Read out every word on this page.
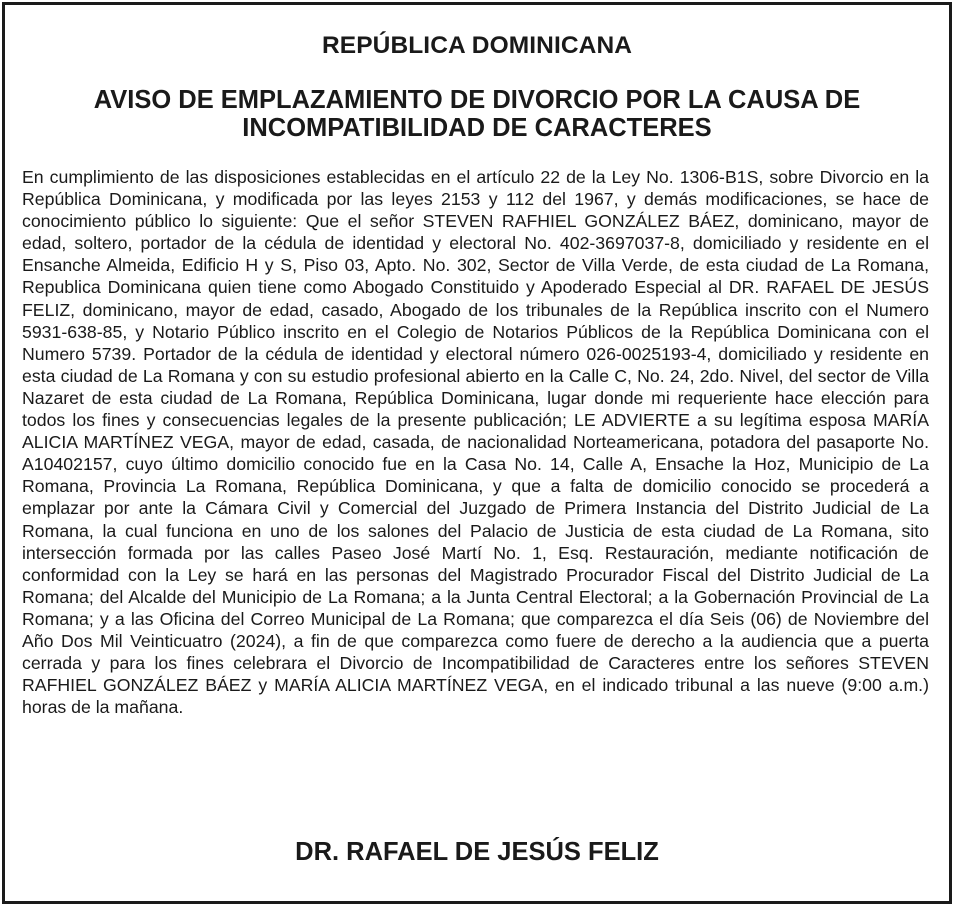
REPÚBLICA DOMINICANA
AVISO DE EMPLAZAMIENTO DE DIVORCIO POR LA CAUSA DE
INCOMPATIBILIDAD DE CARACTERES

En cumplimiento de las disposiciones establecidas en el artículo 22 de la Ley No. 1306-B1S, sobre Divorcio en la República Dominicana, y modificada por las leyes 2153 y 112 del 1967, y demás modificaciones, se hace de conocimiento público lo siguiente: Que el señor STEVEN RAFHIEL GONZÁLEZ BÁEZ, dominicano, mayor de edad, soltero, portador de la cédula de identidad y electoral No. 402-3697037-8, domiciliado y residente en el Ensanche Almeida, Edificio H y S, Piso 03, Apto. No. 302, Sector de Villa Verde, de esta ciudad de La Romana, Republica Dominicana quien tiene como Abogado Constituido y Apoderado Especial al DR. RAFAEL DE JESÚS FELIZ, dominicano, mayor de edad, casado, Abogado de los tribunales de la República inscrito con el Numero 5931-638-85, y Notario Público inscrito en el Colegio de Notarios Públicos de la República Dominicana con el Numero 5739. Portador de la cédula de identidad y electoral número 026-0025193-4, domiciliado y residente en esta ciudad de La Romana y con su estudio profesional abierto en la Calle C, No. 24, 2do. Nivel, del sector de Villa Nazaret de esta ciudad de La Romana, República Dominicana, lugar donde mi requeriente hace elección para todos los fines y consecuencias legales de la presente publicación; LE ADVIERTE a su legítima esposa MARÍA ALICIA MARTÍNEZ VEGA, mayor de edad, casada, de nacionalidad Norteamericana, potadora del pasaporte No. A10402157, cuyo último domicilio conocido fue en la Casa No. 14, Calle A, Ensache la Hoz, Municipio de La Romana, Provincia La Romana, República Dominicana, y que a falta de domicilio conocido se procederá a emplazar por ante la Cámara Civil y Comercial del Juzgado de Primera Instancia del Distrito Judicial de La Romana, la cual funciona en uno de los salones del Palacio de Justicia de esta ciudad de La Romana, sito intersección formada por las calles Paseo José Martí No. 1, Esq. Restauración, mediante notificación de conformidad con la Ley se hará en las personas del Magistrado Procurador Fiscal del Distrito Judicial de La Romana; del Alcalde del Municipio de La Romana; a la Junta Central Electoral; a la Gobernación Provincial de La Romana; y a las Oficina del Correo Municipal de La Romana; que comparezca el día Seis (06) de Noviembre del Año Dos Mil Veinticuatro (2024), a fin de que comparezca como fuere de derecho a la audiencia que a puerta cerrada y para los fines celebrara el Divorcio de Incompatibilidad de Caracteres entre los señores STEVEN RAFHIEL GONZÁLEZ BÁEZ y MARÍA ALICIA MARTÍNEZ VEGA, en el indicado tribunal a las nueve (9:00 a.m.) horas de la mañana.

DR. RAFAEL DE JESÚS FELIZ
